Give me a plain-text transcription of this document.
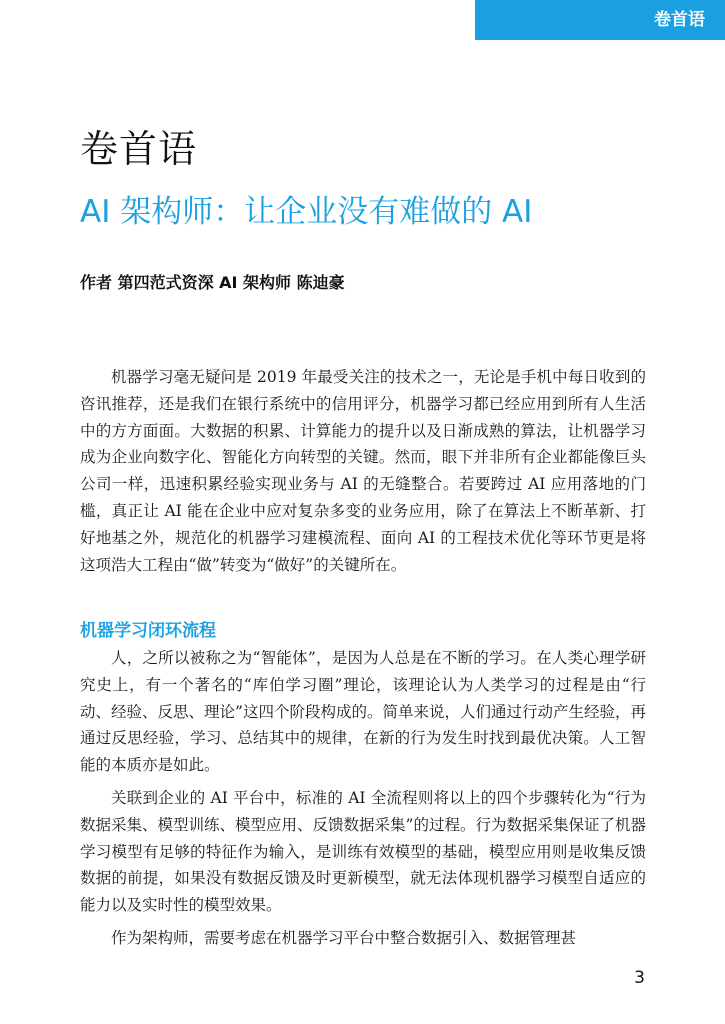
卷首语
卷首语
AI 架构师：让企业没有难做的 AI
作者 第四范式资深 AI 架构师 陈迪豪

机器学习毫无疑问是 2019 年最受关注的技术之一，无论是手机中每日收到的咨讯推荐，还是我们在银行系统中的信用评分，机器学习都已经应用到所有人生活中的方方面面。大数据的积累、计算能力的提升以及日渐成熟的算法，让机器学习成为企业向数字化、智能化方向转型的关键。然而，眼下并非所有企业都能像巨头公司一样，迅速积累经验实现业务与 AI 的无缝整合。若要跨过 AI 应用落地的门槛，真正让 AI 能在企业中应对复杂多变的业务应用，除了在算法上不断革新、打好地基之外，规范化的机器学习建模流程、面向 AI 的工程技术优化等环节更是将这项浩大工程由“做”转变为“做好”的关键所在。

机器学习闭环流程

人，之所以被称之为“智能体”，是因为人总是在不断的学习。在人类心理学研究史上，有一个著名的“库伯学习圈”理论，该理论认为人类学习的过程是由“行动、经验、反思、理论”这四个阶段构成的。简单来说，人们通过行动产生经验，再通过反思经验，学习、总结其中的规律，在新的行为发生时找到最优决策。人工智能的本质亦是如此。

关联到企业的 AI 平台中，标准的 AI 全流程则将以上的四个步骤转化为“行为数据采集、模型训练、模型应用、反馈数据采集”的过程。行为数据采集保证了机器学习模型有足够的特征作为输入，是训练有效模型的基础，模型应用则是收集反馈数据的前提，如果没有数据反馈及时更新模型，就无法体现机器学习模型自适应的能力以及实时性的模型效果。

作为架构师，需要考虑在机器学习平台中整合数据引入、数据管理甚

3
